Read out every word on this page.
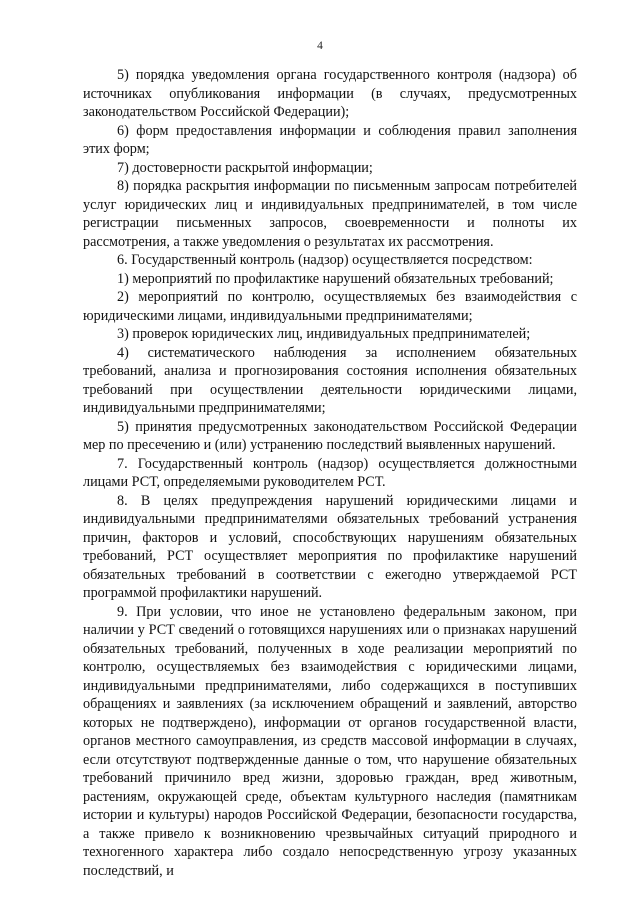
4

5) порядка уведомления органа государственного контроля (надзора) об источниках опубликования информации (в случаях, предусмотренных законодательством Российской Федерации);

6) форм предоставления информации и соблюдения правил заполнения этих форм;

7) достоверности раскрытой информации;

8) порядка раскрытия информации по письменным запросам потребителей услуг юридических лиц и индивидуальных предпринимателей, в том числе регистрации письменных запросов, своевременности и полноты их рассмотрения, а также уведомления о результатах их рассмотрения.

6. Государственный контроль (надзор) осуществляется посредством:

1) мероприятий по профилактике нарушений обязательных требований;

2) мероприятий по контролю, осуществляемых без взаимодействия с юридическими лицами, индивидуальными предпринимателями;

3) проверок юридических лиц, индивидуальных предпринимателей;

4) систематического наблюдения за исполнением обязательных требований, анализа и прогнозирования состояния исполнения обязательных требований при осуществлении деятельности юридическими лицами, индивидуальными предпринимателями;

5) принятия предусмотренных законодательством Российской Федерации мер по пресечению и (или) устранению последствий выявленных нарушений.

7. Государственный контроль (надзор) осуществляется должностными лицами РСТ, определяемыми руководителем РСТ.

8. В целях предупреждения нарушений юридическими лицами и индивидуальными предпринимателями обязательных требований устранения причин, факторов и условий, способствующих нарушениям обязательных требований, РСТ осуществляет мероприятия по профилактике нарушений обязательных требований в соответствии с ежегодно утверждаемой РСТ программой профилактики нарушений.

9. При условии, что иное не установлено федеральным законом, при наличии у РСТ сведений о готовящихся нарушениях или о признаках нарушений обязательных требований, полученных в ходе реализации мероприятий по контролю, осуществляемых без взаимодействия с юридическими лицами, индивидуальными предпринимателями, либо содержащихся в поступивших обращениях и заявлениях (за исключением обращений и заявлений, авторство которых не подтверждено), информации от органов государственной власти, органов местного самоуправления, из средств массовой информации в случаях, если отсутствуют подтвержденные данные о том, что нарушение обязательных требований причинило вред жизни, здоровью граждан, вред животным, растениям, окружающей среде, объектам культурного наследия (памятникам истории и культуры) народов Российской Федерации, безопасности государства, а также привело к возникновению чрезвычайных ситуаций природного и техногенного характера либо создало непосредственную угрозу указанных последствий, и
